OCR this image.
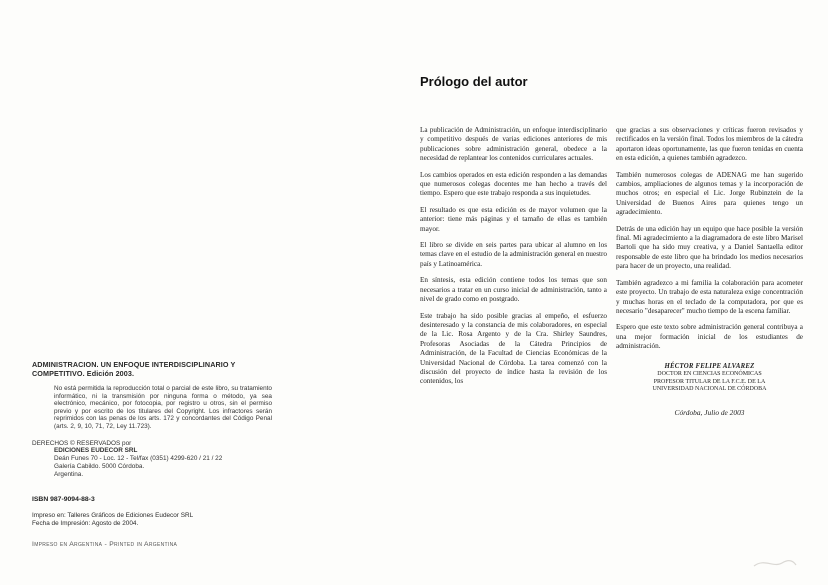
ADMINISTRACION. UN ENFOQUE INTERDISCIPLINARIO Y COMPETITIVO. Edición 2003.
No está permitida la reproducción total o parcial de este libro, su tratamiento informático, ni la transmisión por ninguna forma o método, ya sea electrónico, mecánico, por fotocopia, por registro u otros, sin el permiso previo y por escrito de los titulares del Copyright. Los infractores serán reprimidos con las penas de los arts. 172 y concordantes del Código Penal (arts. 2, 9, 10, 71, 72, Ley 11.723).
DERECHOS © RESERVADOS por
EDICIONES EUDECOR SRL
Deán Funes 70 - Loc. 12 - Tel/fax (0351) 4299-620 / 21 / 22
Galería Cabildo. 5000 Córdoba.
Argentina.
ISBN 987-9094-88-3
Impreso en: Talleres Gráficos de Ediciones Eudecor SRL
Fecha de Impresión: Agosto de 2004.
Impreso en Argentina - Printed in Argentina
Prólogo del autor

La publicación de Administración, un enfoque interdisciplinario y competitivo después de varias ediciones anteriores de mis publicaciones sobre administración general, obedece a la necesidad de replantear los contenidos curriculares actuales.

Los cambios operados en esta edición responden a las demandas que numerosos colegas docentes me han hecho a través del tiempo. Espero que este trabajo responda a sus inquietudes.

El resultado es que esta edición es de mayor volumen que la anterior: tiene más páginas y el tamaño de ellas es también mayor.

El libro se divide en seis partes para ubicar al alumno en los temas clave en el estudio de la administración general en nuestro país y Latinoamérica.

En síntesis, esta edición contiene todos los temas que son necesarios a tratar en un curso inicial de administración, tanto a nivel de grado como en postgrado.

Este trabajo ha sido posible gracias al empeño, el esfuerzo desinteresado y la constancia de mis colaboradores, en especial de la Lic. Rosa Argento y de la Cra. Shirley Saundres, Profesoras Asociadas de la Cátedra Principios de Administración, de la Facultad de Ciencias Económicas de la Universidad Nacional de Córdoba. La tarea comenzó con la discusión del proyecto de índice hasta la revisión de los contenidos, los

que gracias a sus observaciones y críticas fueron revisados y rectificados en la versión final. Todos los miembros de la cátedra aportaron ideas oportunamente, las que fueron tenidas en cuenta en esta edición, a quienes también agradezco.

También numerosos colegas de ADENAG me han sugerido cambios, ampliaciones de algunos temas y la incorporación de muchos otros; en especial el Lic. Jorge Rubinztein de la Universidad de Buenos Aires para quienes tengo un agradecimiento.

Detrás de una edición hay un equipo que hace posible la versión final. Mi agradecimiento a la diagramadora de este libro Marisel Bartoli que ha sido muy creativa, y a Daniel Santaella editor responsable de este libro que ha brindado los medios necesarios para hacer de un proyecto, una realidad.

También agradezco a mi familia la colaboración para acometer este proyecto. Un trabajo de esta naturaleza exige concentración y muchas horas en el teclado de la computadora, por que es necesario "desaparecer" mucho tiempo de la escena familiar.

Espero que este texto sobre administración general contribuya a una mejor formación inicial de los estudiantes de administración.

HÉCTOR FELIPE ALVAREZ
DOCTOR EN CIENCIAS ECONÓMICAS
PROFESOR TITULAR DE LA F.C.E. DE LA
UNIVERSIDAD NACIONAL DE CÓRDOBA
Córdoba, Julio de 2003
